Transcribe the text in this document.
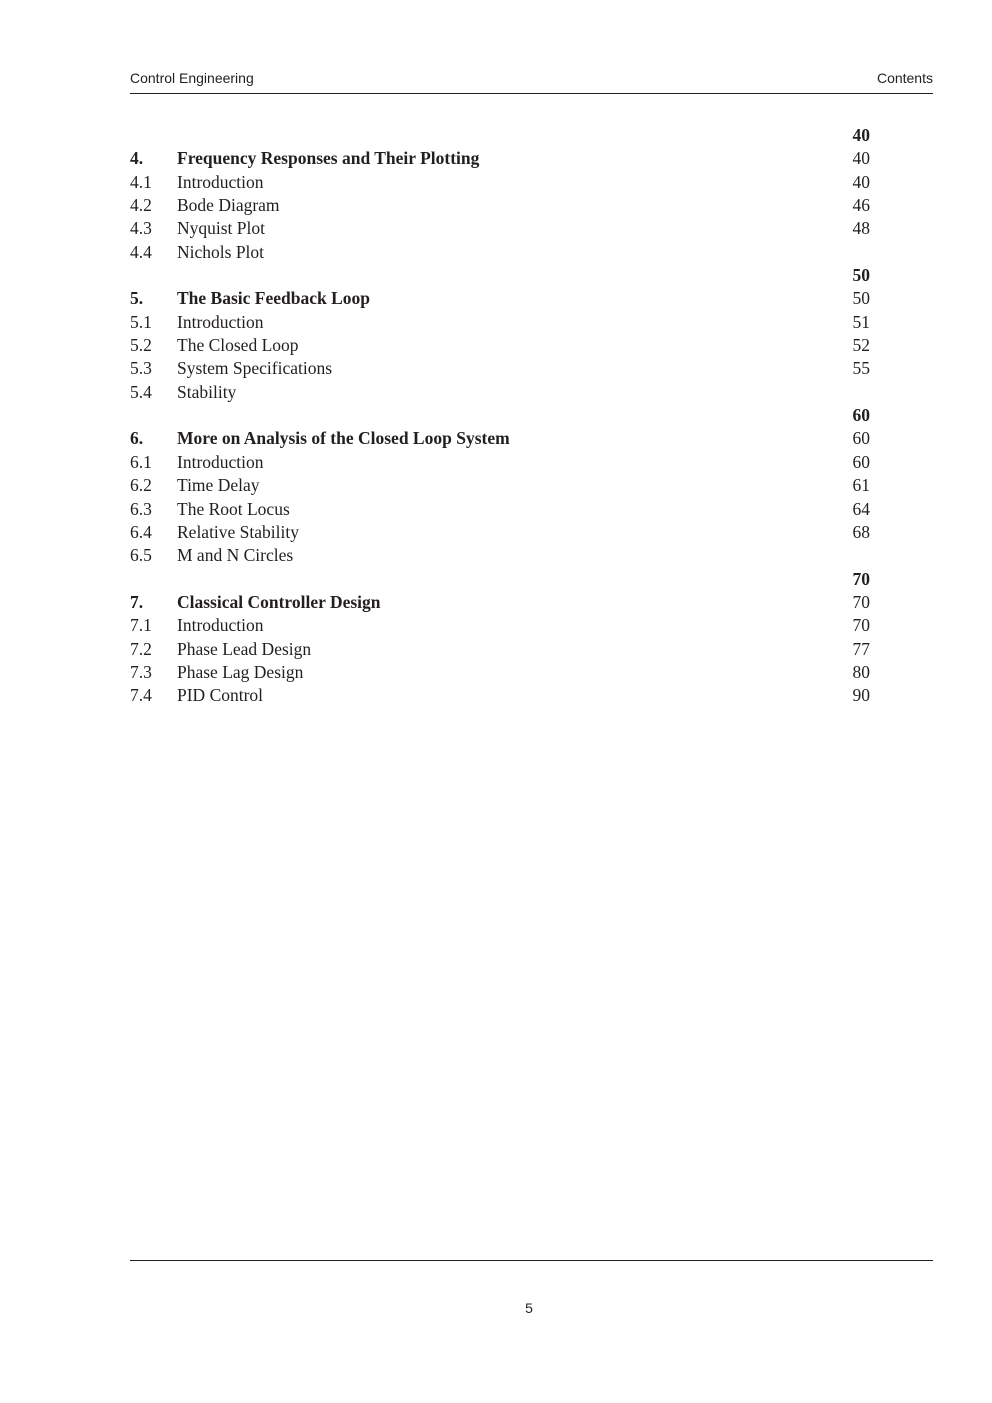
Control Engineering	Contents
40
4. Frequency Responses and Their Plotting	40
4.1 Introduction	40
4.2 Bode Diagram	46
4.3 Nyquist Plot	48
4.4 Nichols Plot
50
5. The Basic Feedback Loop	50
5.1 Introduction	51
5.2 The Closed Loop	52
5.3 System Specifications	55
5.4 Stability
60
6. More on Analysis of the Closed Loop System	60
6.1 Introduction	60
6.2 Time Delay	61
6.3 The Root Locus	64
6.4 Relative Stability	68
6.5 M and N Circles
70
7. Classical Controller Design	70
7.1 Introduction	70
7.2 Phase Lead Design	77
7.3 Phase Lag Design	80
7.4 PID Control	90
5
